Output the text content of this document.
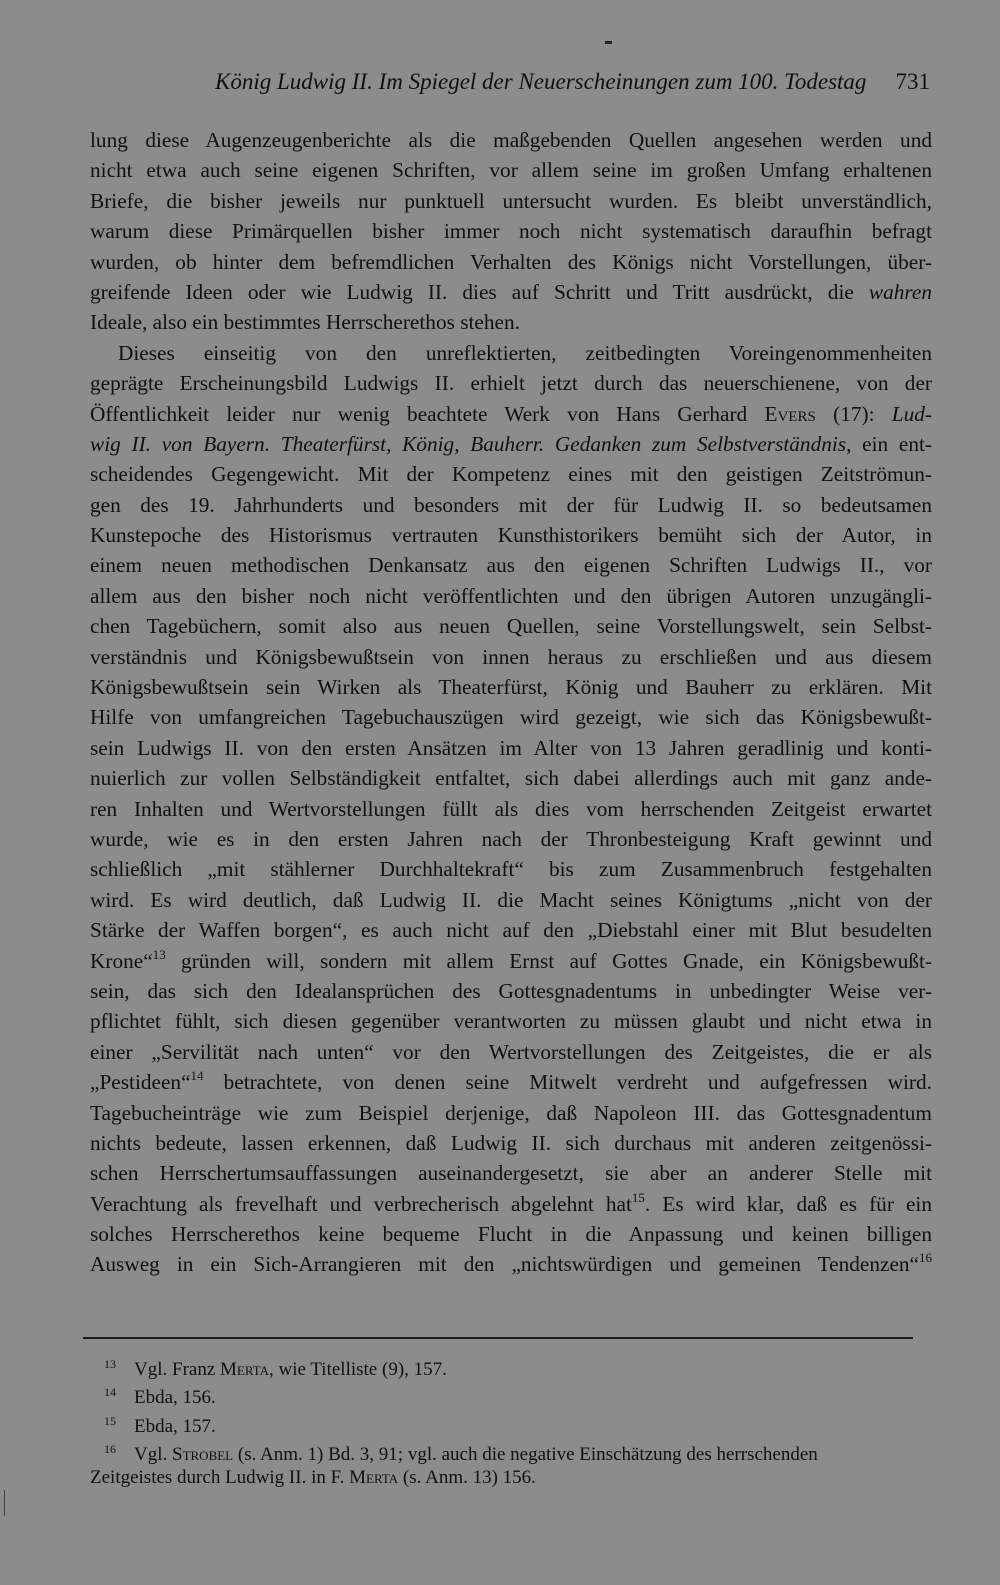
König Ludwig II. Im Spiegel der Neuerscheinungen zum 100. Todestag 731
lung diese Augenzeugenberichte als die maßgebenden Quellen angesehen werden und
nicht etwa auch seine eigenen Schriften, vor allem seine im großen Umfang erhaltenen
Briefe, die bisher jeweils nur punktuell untersucht wurden. Es bleibt unverständlich,
warum diese Primärquellen bisher immer noch nicht systematisch daraufhin befragt
wurden, ob hinter dem befremdlichen Verhalten des Königs nicht Vorstellungen, über-
greifende Ideen oder wie Ludwig II. dies auf Schritt und Tritt ausdrückt, die wahren
Ideale, also ein bestimmtes Herrscherethos stehen.
Dieses einseitig von den unreflektierten, zeitbedingten Voreingenommenheiten
geprägte Erscheinungsbild Ludwigs II. erhielt jetzt durch das neuerschienene, von der
Öffentlichkeit leider nur wenig beachtete Werk von Hans Gerhard Evers (17): Lud-
wig II. von Bayern. Theaterfürst, König, Bauherr. Gedanken zum Selbstverständnis, ein ent-
scheidendes Gegengewicht. Mit der Kompetenz eines mit den geistigen Zeitströmun-
gen des 19. Jahrhunderts und besonders mit der für Ludwig II. so bedeutsamen
Kunstepoche des Historismus vertrauten Kunsthistorikers bemüht sich der Autor, in
einem neuen methodischen Denkansatz aus den eigenen Schriften Ludwigs II., vor
allem aus den bisher noch nicht veröffentlichten und den übrigen Autoren unzugängli-
chen Tagebüchern, somit also aus neuen Quellen, seine Vorstellungswelt, sein Selbst-
verständnis und Königsbewußtsein von innen heraus zu erschließen und aus diesem
Königsbewußtsein sein Wirken als Theaterfürst, König und Bauherr zu erklären. Mit
Hilfe von umfangreichen Tagebuchauszügen wird gezeigt, wie sich das Königsbewußt-
sein Ludwigs II. von den ersten Ansätzen im Alter von 13 Jahren geradlinig und konti-
nuierlich zur vollen Selbständigkeit entfaltet, sich dabei allerdings auch mit ganz ande-
ren Inhalten und Wertvorstellungen füllt als dies vom herrschenden Zeitgeist erwartet
wurde, wie es in den ersten Jahren nach der Thronbesteigung Kraft gewinnt und
schließlich „mit stählerner Durchhaltekraft“ bis zum Zusammenbruch festgehalten
wird. Es wird deutlich, daß Ludwig II. die Macht seines Königtums „nicht von der
Stärke der Waffen borgen“, es auch nicht auf den „Diebstahl einer mit Blut besudelten
Krone“$^{13}$ gründen will, sondern mit allem Ernst auf Gottes Gnade, ein Königsbewußt-
sein, das sich den Idealansprüchen des Gottesgnadentums in unbedingter Weise ver-
pflichtet fühlt, sich diesen gegenüber verantworten zu müssen glaubt und nicht etwa in
einer „Servilität nach unten“ vor den Wertvorstellungen des Zeitgeistes, die er als
„Pestideen“$^{14}$ betrachtete, von denen seine Mitwelt verdreht und aufgefressen wird.
Tagebucheinträge wie zum Beispiel derjenige, daß Napoleon III. das Gottesgnadentum
nichts bedeute, lassen erkennen, daß Ludwig II. sich durchaus mit anderen zeitgenössi-
schen Herrschertumsauffassungen auseinandergesetzt, sie aber an anderer Stelle mit
Verachtung als frevelhaft und verbrecherisch abgelehnt hat$^{15}$. Es wird klar, daß es für ein
solches Herrscherethos keine bequeme Flucht in die Anpassung und keinen billigen
Ausweg in ein Sich-Arrangieren mit den „nichtswürdigen und gemeinen Tendenzen“$^{16}$
13 Vgl. Franz Merta, wie Titelliste (9), 157.
14 Ebda, 156.
15 Ebda, 157.
16 Vgl. Strobel (s. Anm. 1) Bd. 3, 91; vgl. auch die negative Einschätzung des herrschenden
Zeitgeistes durch Ludwig II. in F. Merta (s. Anm. 13) 156.
